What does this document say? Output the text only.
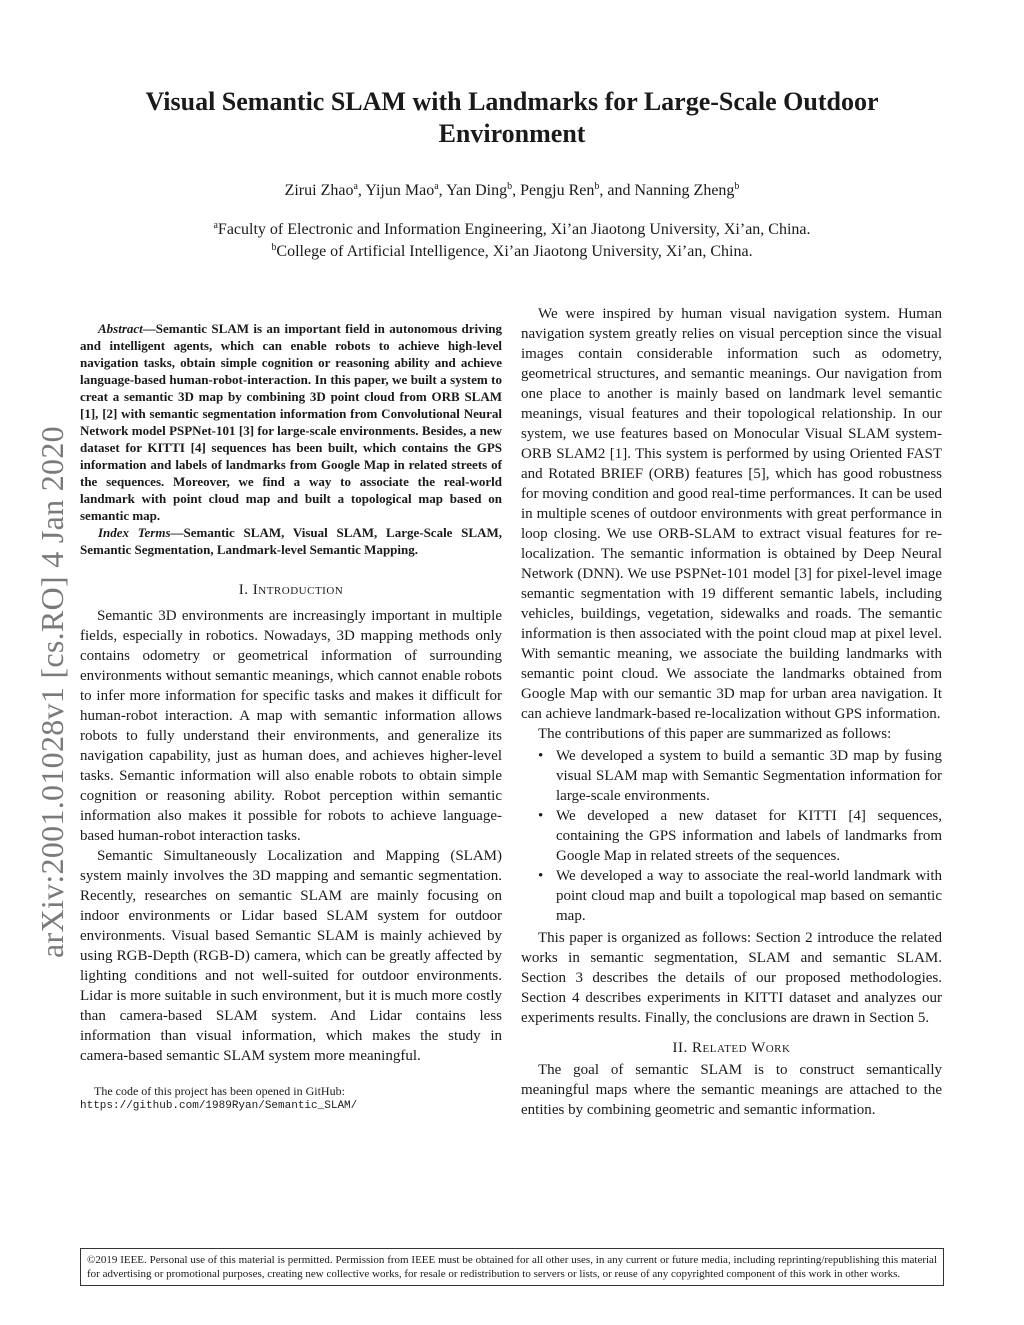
arXiv:2001.01028v1 [cs.RO] 4 Jan 2020
Visual Semantic SLAM with Landmarks for Large-Scale Outdoor Environment
Zirui Zhao$^a$, Yijun Mao$^a$, Yan Ding$^b$, Pengju Ren$^b$, and Nanning Zheng$^b$
$^a$Faculty of Electronic and Information Engineering, Xi’an Jiaotong University, Xi’an, China.
$^b$College of Artificial Intelligence, Xi’an Jiaotong University, Xi’an, China.

Abstract—Semantic SLAM is an important field in autonomous driving and intelligent agents, which can enable robots to achieve high-level navigation tasks, obtain simple cognition or reasoning ability and achieve language-based human-robot-interaction. In this paper, we built a system to creat a semantic 3D map by combining 3D point cloud from ORB SLAM [1], [2] with semantic segmentation information from Convolutional Neural Network model PSPNet-101 [3] for large-scale environments. Besides, a new dataset for KITTI [4] sequences has been built, which contains the GPS information and labels of landmarks from Google Map in related streets of the sequences. Moreover, we find a way to associate the real-world landmark with point cloud map and built a topological map based on semantic map.

Index Terms—Semantic SLAM, Visual SLAM, Large-Scale SLAM, Semantic Segmentation, Landmark-level Semantic Mapping.

I. Introduction

Semantic 3D environments are increasingly important in multiple fields, especially in robotics. Nowadays, 3D mapping methods only contains odometry or geometrical information of surrounding environments without semantic meanings, which cannot enable robots to infer more information for specific tasks and makes it difficult for human-robot interaction. A map with semantic information allows robots to fully understand their environments, and generalize its navigation capability, just as human does, and achieves higher-level tasks. Semantic information will also enable robots to obtain simple cognition or reasoning ability. Robot perception within semantic information also makes it possible for robots to achieve language-based human-robot interaction tasks.

Semantic Simultaneously Localization and Mapping (SLAM) system mainly involves the 3D mapping and semantic segmentation. Recently, researches on semantic SLAM are mainly focusing on indoor environments or Lidar based SLAM system for outdoor environments. Visual based Semantic SLAM is mainly achieved by using RGB-Depth (RGB-D) camera, which can be greatly affected by lighting conditions and not well-suited for outdoor environments. Lidar is more suitable in such environment, but it is much more costly than camera-based SLAM system. And Lidar contains less information than visual information, which makes the study in camera-based semantic SLAM system more meaningful.

The code of this project has been opened in GitHub:
https://github.com/1989Ryan/Semantic_SLAM/

We were inspired by human visual navigation system. Human navigation system greatly relies on visual perception since the visual images contain considerable information such as odometry, geometrical structures, and semantic meanings. Our navigation from one place to another is mainly based on landmark level semantic meanings, visual features and their topological relationship. In our system, we use features based on Monocular Visual SLAM system-ORB SLAM2 [1]. This system is performed by using Oriented FAST and Rotated BRIEF (ORB) features [5], which has good robustness for moving condition and good real-time performances. It can be used in multiple scenes of outdoor environments with great performance in loop closing. We use ORB-SLAM to extract visual features for re-localization. The semantic information is obtained by Deep Neural Network (DNN). We use PSPNet-101 model [3] for pixel-level image semantic segmentation with 19 different semantic labels, including vehicles, buildings, vegetation, sidewalks and roads. The semantic information is then associated with the point cloud map at pixel level. With semantic meaning, we associate the building landmarks with semantic point cloud. We associate the landmarks obtained from Google Map with our semantic 3D map for urban area navigation. It can achieve landmark-based re-localization without GPS information.

The contributions of this paper are summarized as follows:

• We developed a system to build a semantic 3D map by fusing visual SLAM map with Semantic Segmentation information for large-scale environments.
• We developed a new dataset for KITTI [4] sequences, containing the GPS information and labels of landmarks from Google Map in related streets of the sequences.
• We developed a way to associate the real-world landmark with point cloud map and built a topological map based on semantic map.

This paper is organized as follows: Section 2 introduce the related works in semantic segmentation, SLAM and semantic SLAM. Section 3 describes the details of our proposed methodologies. Section 4 describes experiments in KITTI dataset and analyzes our experiments results. Finally, the conclusions are drawn in Section 5.

II. Related Work

The goal of semantic SLAM is to construct semantically meaningful maps where the semantic meanings are attached to the entities by combining geometric and semantic information.

©2019 IEEE. Personal use of this material is permitted. Permission from IEEE must be obtained for all other uses, in any current or future media, including reprinting/republishing this material for advertising or promotional purposes, creating new collective works, for resale or redistribution to servers or lists, or reuse of any copyrighted component of this work in other works.
